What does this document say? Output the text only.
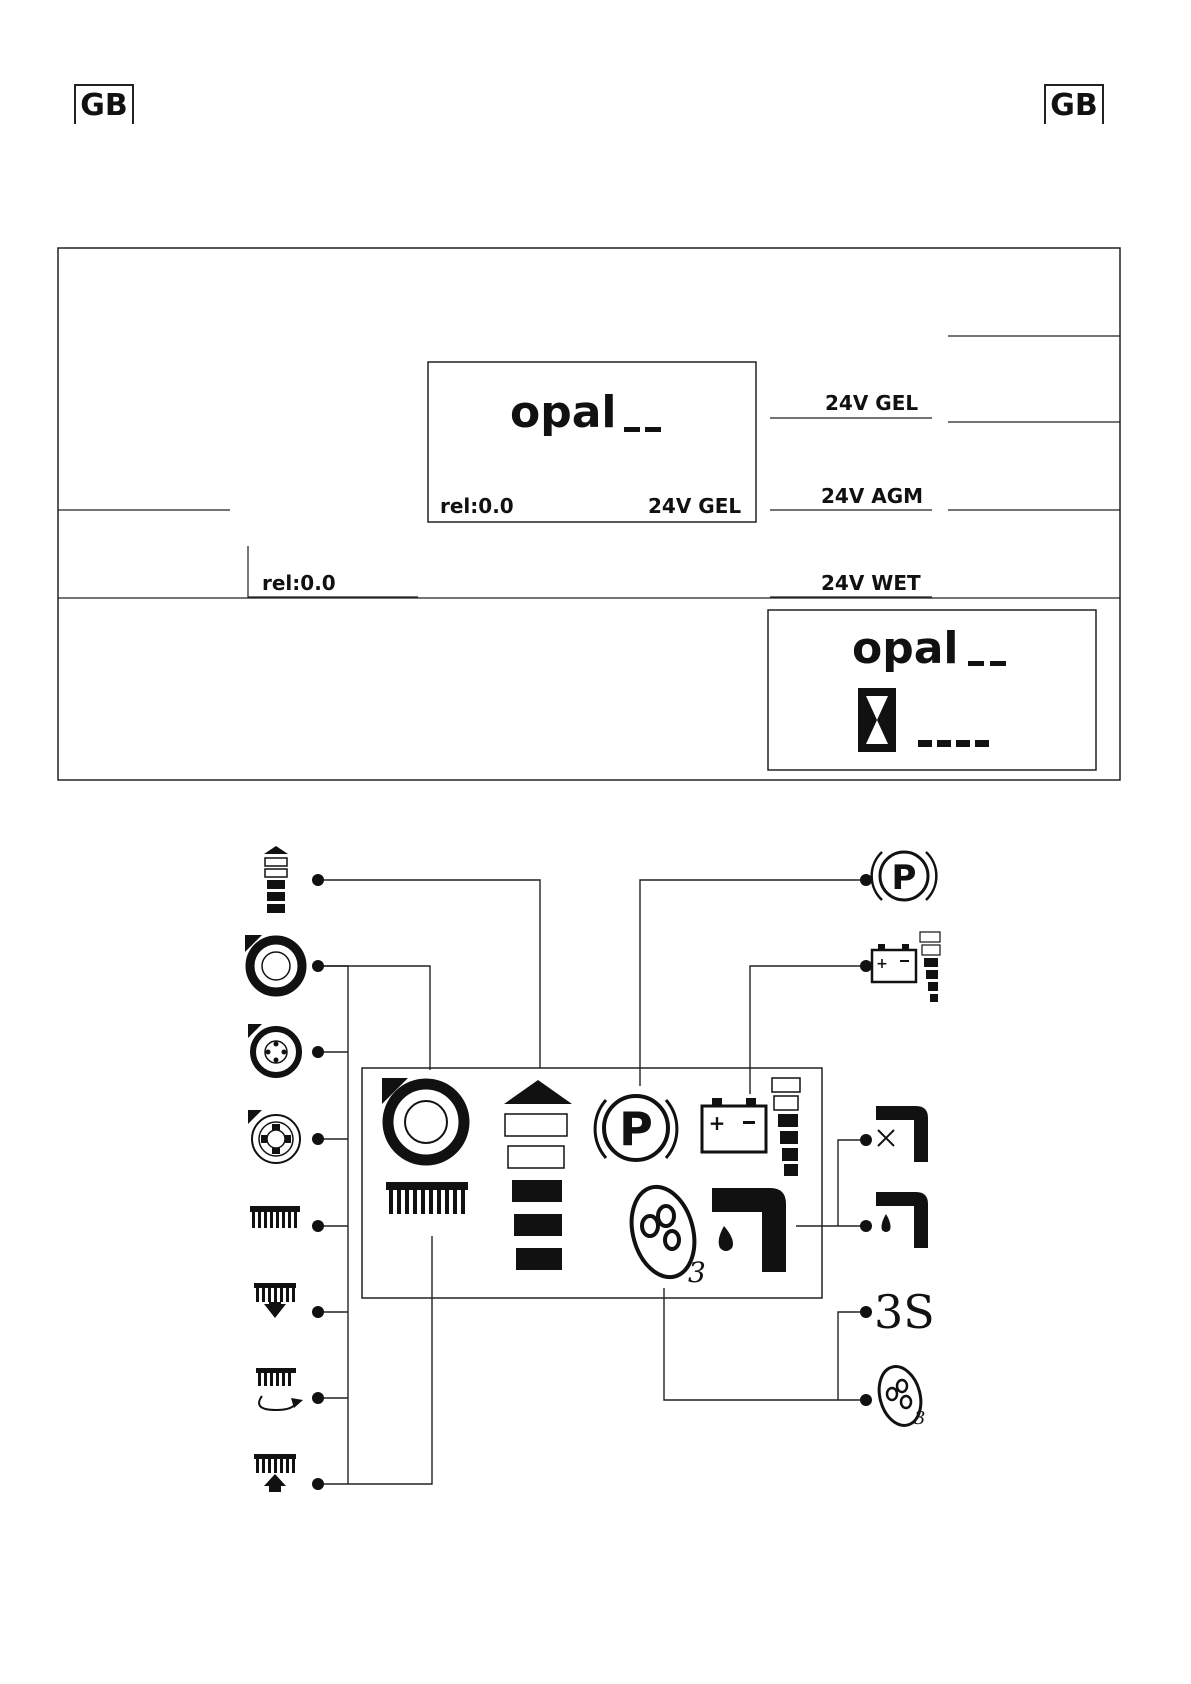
GB	GB
opal
rel:0.0	24V GEL
rel:0.0
24V GEL
24V AGM
24V WET
opal
P	+
3
P
+
3S
3
